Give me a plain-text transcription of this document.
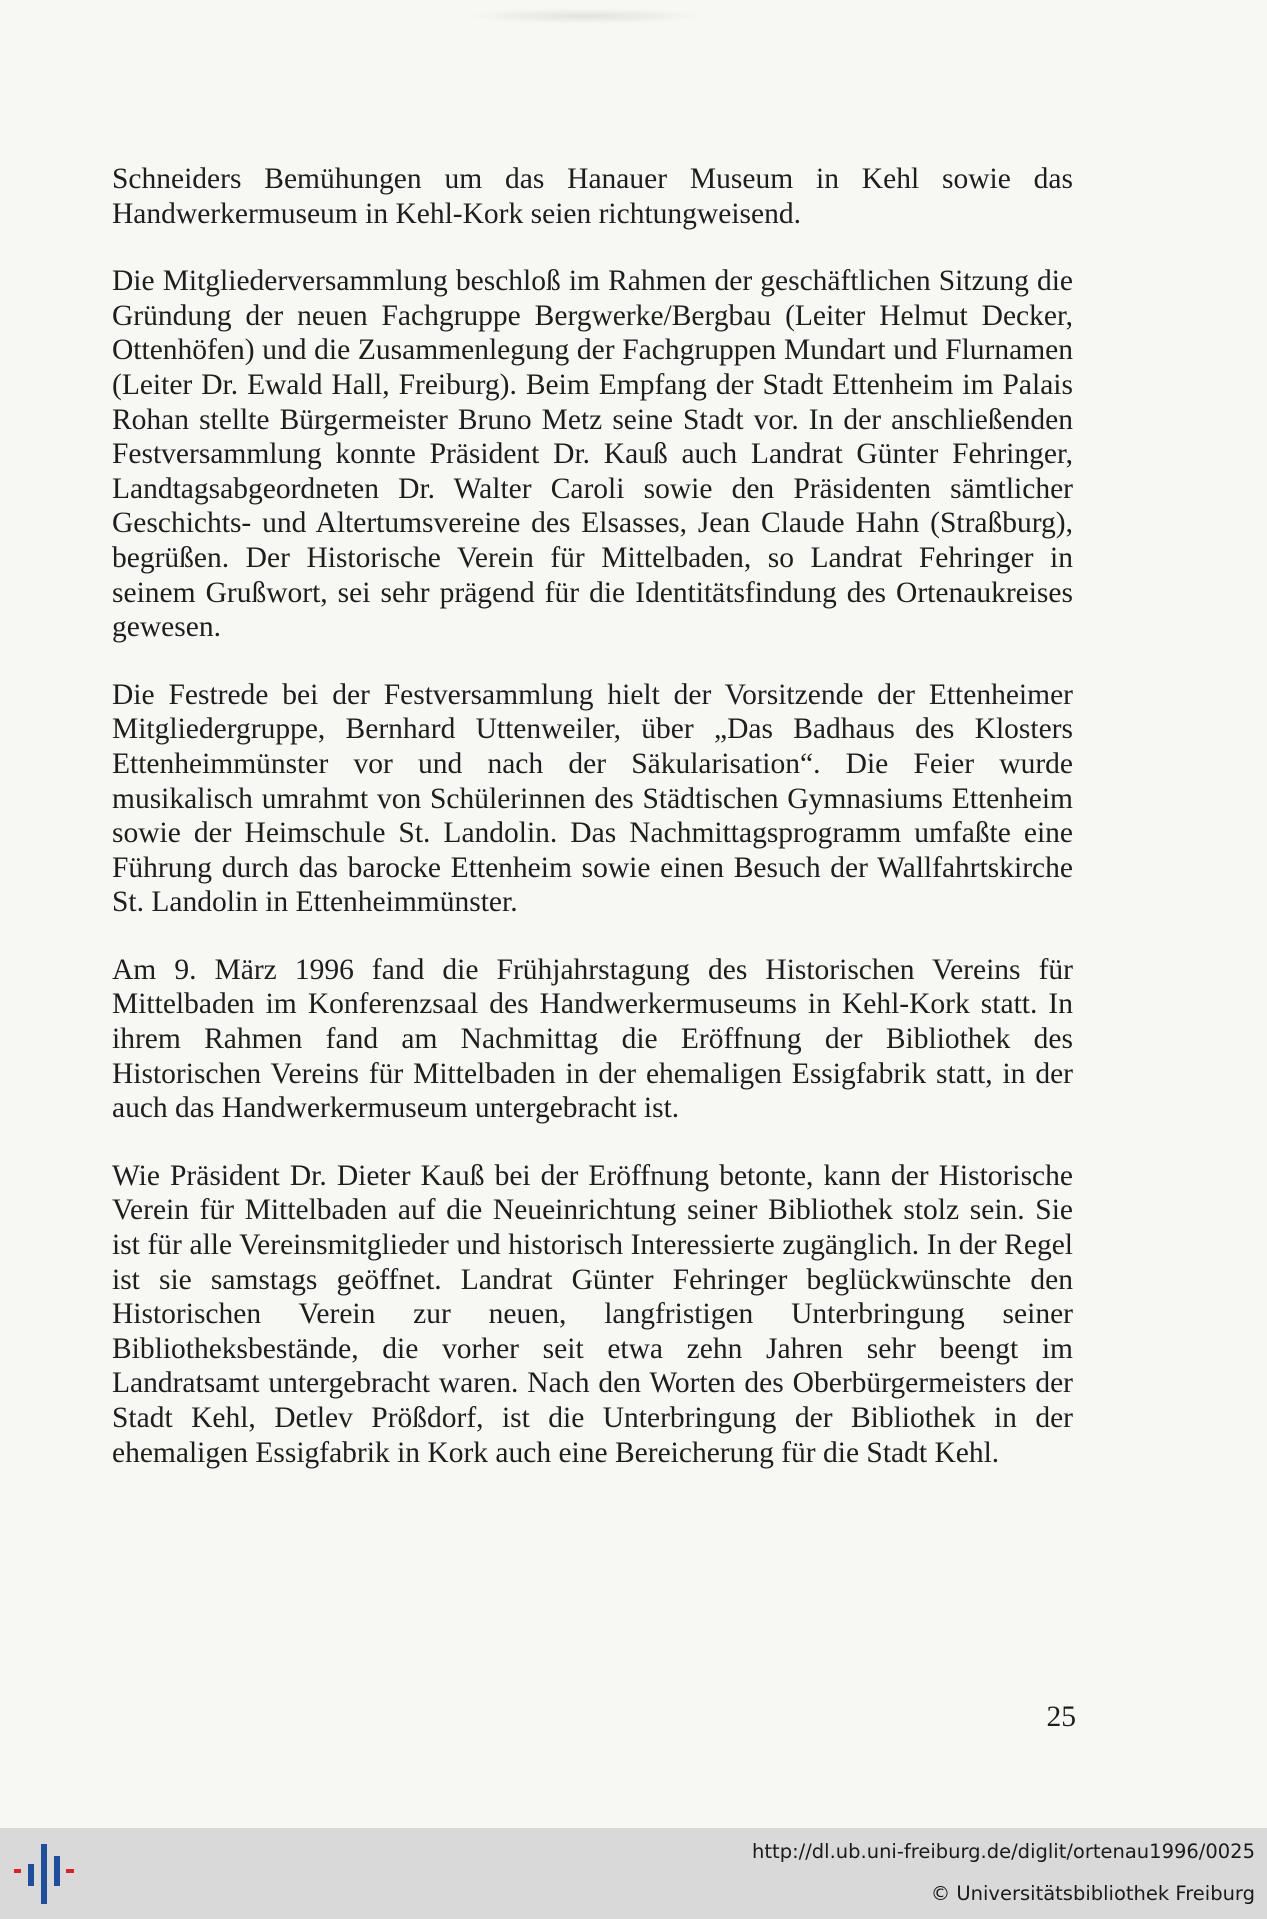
Schneiders Bemühungen um das Hanauer Museum in Kehl sowie das Handwerkermuseum in Kehl-Kork seien richtungweisend.

Die Mitgliederversammlung beschloß im Rahmen der geschäftlichen Sitzung die Gründung der neuen Fachgruppe Bergwerke/Bergbau (Leiter Helmut Decker, Ottenhöfen) und die Zusammenlegung der Fachgruppen Mundart und Flurnamen (Leiter Dr. Ewald Hall, Freiburg). Beim Empfang der Stadt Ettenheim im Palais Rohan stellte Bürgermeister Bruno Metz seine Stadt vor. In der anschließenden Festversammlung konnte Präsident Dr. Kauß auch Landrat Günter Fehringer, Landtagsabgeordneten Dr. Walter Caroli sowie den Präsidenten sämtlicher Geschichts- und Altertumsvereine des Elsasses, Jean Claude Hahn (Straßburg), begrüßen. Der Historische Verein für Mittelbaden, so Landrat Fehringer in seinem Grußwort, sei sehr prägend für die Identitätsfindung des Ortenaukreises gewesen.

Die Festrede bei der Festversammlung hielt der Vorsitzende der Ettenheimer Mitgliedergruppe, Bernhard Uttenweiler, über „Das Badhaus des Klosters Ettenheimmünster vor und nach der Säkularisation“. Die Feier wurde musikalisch umrahmt von Schülerinnen des Städtischen Gymnasiums Ettenheim sowie der Heimschule St. Landolin. Das Nachmittagsprogramm umfaßte eine Führung durch das barocke Ettenheim sowie einen Besuch der Wallfahrtskirche St. Landolin in Ettenheimmünster.

Am 9. März 1996 fand die Frühjahrstagung des Historischen Vereins für Mittelbaden im Konferenzsaal des Handwerkermuseums in Kehl-Kork statt. In ihrem Rahmen fand am Nachmittag die Eröffnung der Bibliothek des Historischen Vereins für Mittelbaden in der ehemaligen Essigfabrik statt, in der auch das Handwerkermuseum untergebracht ist.

Wie Präsident Dr. Dieter Kauß bei der Eröffnung betonte, kann der Historische Verein für Mittelbaden auf die Neueinrichtung seiner Bibliothek stolz sein. Sie ist für alle Vereinsmitglieder und historisch Interessierte zugänglich. In der Regel ist sie samstags geöffnet. Landrat Günter Fehringer beglückwünschte den Historischen Verein zur neuen, langfristigen Unterbringung seiner Bibliotheksbestände, die vorher seit etwa zehn Jahren sehr beengt im Landratsamt untergebracht waren. Nach den Worten des Oberbürgermeisters der Stadt Kehl, Detlev Prößdorf, ist die Unterbringung der Bibliothek in der ehemaligen Essigfabrik in Kork auch eine Bereicherung für die Stadt Kehl.

25
http://dl.ub.uni-freiburg.de/diglit/ortenau1996/0025
© Universitätsbibliothek Freiburg
